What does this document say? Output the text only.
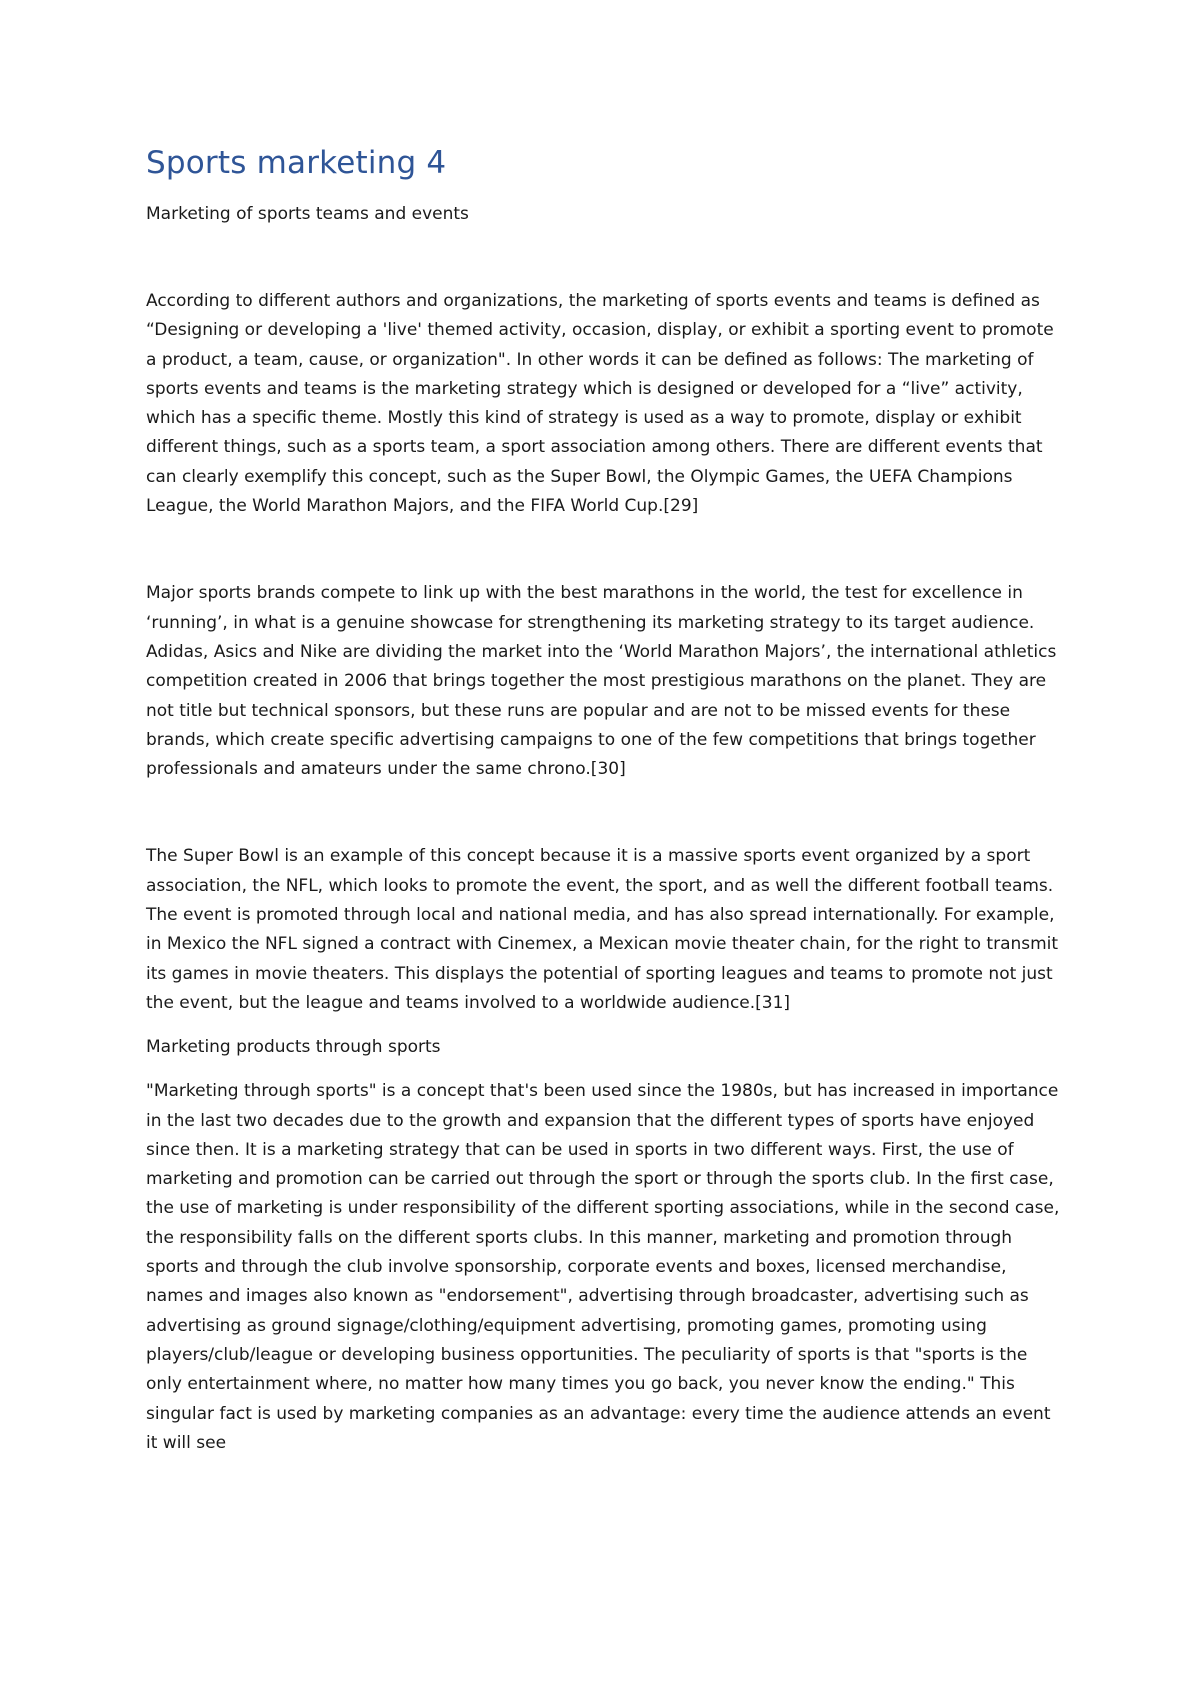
Sports marketing 4

Marketing of sports teams and events

According to different authors and organizations, the marketing of sports events and teams is defined as “Designing or developing a 'live' themed activity, occasion, display, or exhibit a sporting event to promote a product, a team, cause, or organization". In other words it can be defined as follows: The marketing of sports events and teams is the marketing strategy which is designed or developed for a “live” activity, which has a specific theme. Mostly this kind of strategy is used as a way to promote, display or exhibit different things, such as a sports team, a sport association among others. There are different events that can clearly exemplify this concept, such as the Super Bowl, the Olympic Games, the UEFA Champions League, the World Marathon Majors, and the FIFA World Cup.[29]

Major sports brands compete to link up with the best marathons in the world, the test for excellence in ‘running’, in what is a genuine showcase for strengthening its marketing strategy to its target audience. Adidas, Asics and Nike are dividing the market into the ‘World Marathon Majors’, the international athletics competition created in 2006 that brings together the most prestigious marathons on the planet. They are not title but technical sponsors, but these runs are popular and are not to be missed events for these brands, which create specific advertising campaigns to one of the few competitions that brings together professionals and amateurs under the same chrono.[30]

The Super Bowl is an example of this concept because it is a massive sports event organized by a sport association, the NFL, which looks to promote the event, the sport, and as well the different football teams. The event is promoted through local and national media, and has also spread internationally. For example, in Mexico the NFL signed a contract with Cinemex, a Mexican movie theater chain, for the right to transmit its games in movie theaters. This displays the potential of sporting leagues and teams to promote not just the event, but the league and teams involved to a worldwide audience.[31]

Marketing products through sports

"Marketing through sports" is a concept that's been used since the 1980s, but has increased in importance in the last two decades due to the growth and expansion that the different types of sports have enjoyed since then. It is a marketing strategy that can be used in sports in two different ways. First, the use of marketing and promotion can be carried out through the sport or through the sports club. In the first case, the use of marketing is under responsibility of the different sporting associations, while in the second case, the responsibility falls on the different sports clubs. In this manner, marketing and promotion through sports and through the club involve sponsorship, corporate events and boxes, licensed merchandise, names and images also known as "endorsement", advertising through broadcaster, advertising such as advertising as ground signage/clothing/equipment advertising, promoting games, promoting using players/club/league or developing business opportunities. The peculiarity of sports is that "sports is the only entertainment where, no matter how many times you go back, you never know the ending." This singular fact is used by marketing companies as an advantage: every time the audience attends an event it will see
